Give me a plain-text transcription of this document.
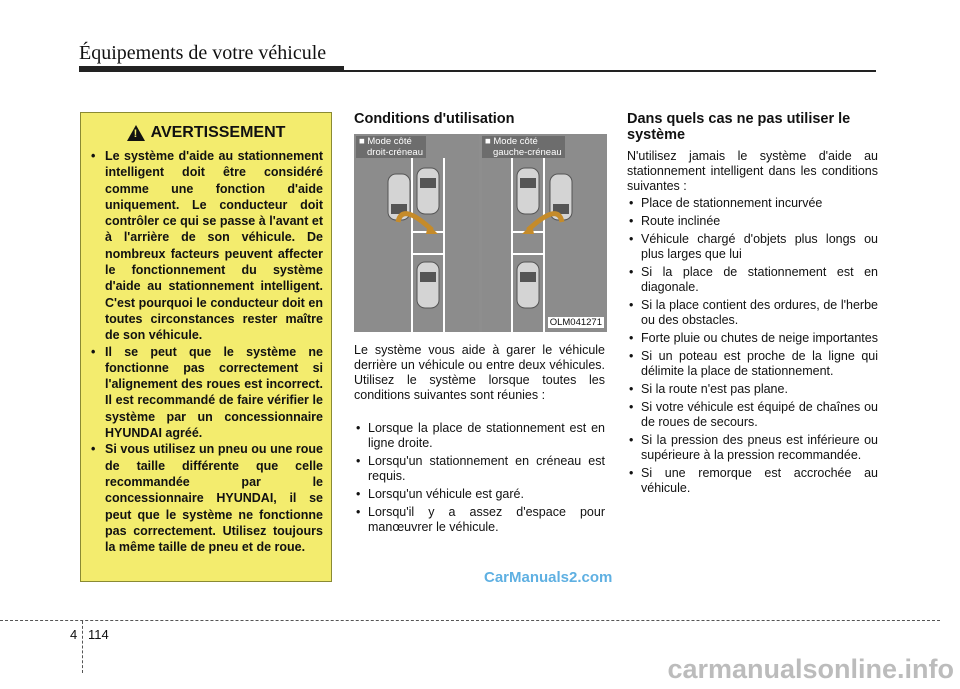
Équipements de votre véhicule
! AVERTISSEMENT
• Le système d'aide au stationnement intelligent doit être considéré comme une fonction d'aide uniquement. Le conducteur doit contrôler ce qui se passe à l'avant et à l'arrière de son véhicule. De nombreux facteurs peuvent affecter le fonctionnement du système d'aide au stationnement intelligent. C'est pourquoi le conducteur doit en toutes circonstances rester maître de son véhicule.
• Il se peut que le système ne fonctionne pas correctement si l'alignement des roues est incorrect. Il est recommandé de faire vérifier le système par un concessionnaire HYUNDAI agréé.
• Si vous utilisez un pneu ou une roue de taille différente que celle recommandée par le concessionnaire HYUNDAI, il se peut que le système ne fonctionne pas correctement. Utilisez toujours la même taille de pneu et de roue.
Conditions d'utilisation
■ Mode côté
droit-créneau
■ Mode côté
gauche-créneau
OLM041271
Le système vous aide à garer le véhicule derrière un véhicule ou entre deux véhicules. Utilisez le système lorsque toutes les conditions suivantes sont réunies :
• Lorsque la place de stationnement est en ligne droite.
• Lorsqu'un stationnement en créneau est requis.
• Lorsqu'un véhicule est garé.
• Lorsqu'il y a assez d'espace pour manœuvrer le véhicule.
Dans quels cas ne pas utiliser le système
N'utilisez jamais le système d'aide au stationnement intelligent dans les conditions suivantes :
• Place de stationnement incurvée
• Route inclinée
• Véhicule chargé d'objets plus longs ou plus larges que lui
• Si la place de stationnement est en diagonale.
• Si la place contient des ordures, de l'herbe ou des obstacles.
• Forte pluie ou chutes de neige importantes
• Si un poteau est proche de la ligne qui délimite la place de stationnement.
• Si la route n'est pas plane.
• Si votre véhicule est équipé de chaînes ou de roues de secours.
• Si la pression des pneus est inférieure ou supérieure à la pression recommandée.
• Si une remorque est accrochée au véhicule.
CarManuals2.com
4 114
carmanualsonline.info
